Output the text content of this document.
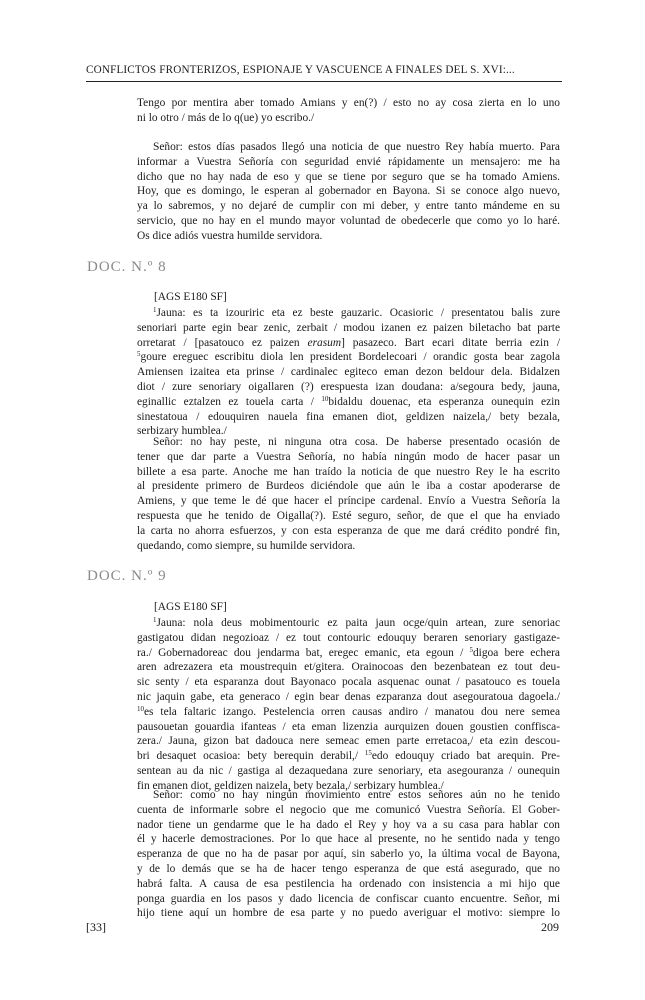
CONFLICTOS FRONTERIZOS, ESPIONAJE Y VASCUENCE A FINALES DEL S. XVI:...
Tengo por mentira aber tomado Amians y en(?) / esto no ay cosa zierta en lo uno
ni lo otro / más de lo q(ue) yo escribo./
Señor: estos días pasados llegó una noticia de que nuestro Rey había muerto. Para
informar a Vuestra Señoría con seguridad envié rápidamente un mensajero: me ha
dicho que no hay nada de eso y que se tiene por seguro que se ha tomado Amiens.
Hoy, que es domingo, le esperan al gobernador en Bayona. Si se conoce algo nuevo,
ya lo sabremos, y no dejaré de cumplir con mi deber, y entre tanto mándeme en su
servicio, que no hay en el mundo mayor voluntad de obedecerle que como yo lo haré.
Os dice adiós vuestra humilde servidora.
DOC. N.º 8
[AGS E180 SF]
$^1$Jauna: es ta izouriric eta ez beste gauzaric. Ocasioric / presentatou balis zure
senoriari parte egin bear zenic, zerbait / modou izanen ez paizen biletacho bat parte
orretarat / [pasatouco ez paizen erasum] pasazeco. Bart ecari ditate berria ezin /
$^5$goure ereguec escribitu diola len president Bordelecoari / orandic gosta bear zagola
Amiensen izaitea eta prinse / cardinalec egiteco eman dezon beldour dela. Bidalzen
diot / zure senoriary oigallaren (?) erespuesta izan doudana: a/segoura bedy, jauna,
eginallic eztalzen ez touela carta / $^{10}$bidaldu douenac, eta esperanza ounequin ezin
sinestatoua / edouquiren nauela fina emanen diot, geldizen naizela,/ bety bezala,
serbizary humblea./
Señor: no hay peste, ni ninguna otra cosa. De haberse presentado ocasión de
tener que dar parte a Vuestra Señoría, no había ningún modo de hacer pasar un
billete a esa parte. Anoche me han traído la noticia de que nuestro Rey le ha escrito
al presidente primero de Burdeos diciéndole que aún le iba a costar apoderarse de
Amiens, y que teme le dé que hacer el príncipe cardenal. Envío a Vuestra Señoría la
respuesta que he tenido de Oigalla(?). Esté seguro, señor, de que el que ha enviado
la carta no ahorra esfuerzos, y con esta esperanza de que me dará crédito pondré fin,
quedando, como siempre, su humilde servidora.
DOC. N.º 9
[AGS E180 SF]
$^1$Jauna: nola deus mobimentouric ez paita jaun ocge/quin artean, zure senoriac
gastigatou didan negozioaz / ez tout contouric edouquy beraren senoriary gastigaze-
ra./ Gobernadoreac dou jendarma bat, eregec emanic, eta egoun / $^5$digoa bere echera
aren adrezazera eta moustrequin et/gitera. Orainocoas den bezenbatean ez tout deu-
sic senty / eta esparanza dout Bayonaco pocala asquenac ounat / pasatouco es touela
nic jaquin gabe, eta generaco / egin bear denas ezparanza dout asegouratoua dagoela./
$^{10}$es tela faltaric izango. Pestelencia orren causas andiro / manatou dou nere semea
pausouetan gouardia ifanteas / eta eman lizenzia aurquizen douen goustien conffisca-
zera./ Jauna, gizon bat dadouca nere semeac emen parte erretacoa,/ eta ezin descou-
bri desaquet ocasioa: bety berequin derabil,/ $^{15}$edo edouquy criado bat arequin. Pre-
sentean au da nic / gastiga al dezaquedana zure senoriary, eta asegouranza / ounequin
fin emanen diot, geldizen naizela, bety bezala,/ serbizary humblea./
Señor: como no hay ningún movimiento entre estos señores aún no he tenido
cuenta de informarle sobre el negocio que me comunicó Vuestra Señoría. El Gober-
nador tiene un gendarme que le ha dado el Rey y hoy va a su casa para hablar con
él y hacerle demostraciones. Por lo que hace al presente, no he sentido nada y tengo
esperanza de que no ha de pasar por aquí, sin saberlo yo, la última vocal de Bayona,
y de lo demás que se ha de hacer tengo esperanza de que está asegurado, que no
habrá falta. A causa de esa pestilencia ha ordenado con insistencia a mi hijo que
ponga guardia en los pasos y dado licencia de confiscar cuanto encuentre. Señor, mi
hijo tiene aquí un hombre de esa parte y no puedo averiguar el motivo: siempre lo
[33]	209
